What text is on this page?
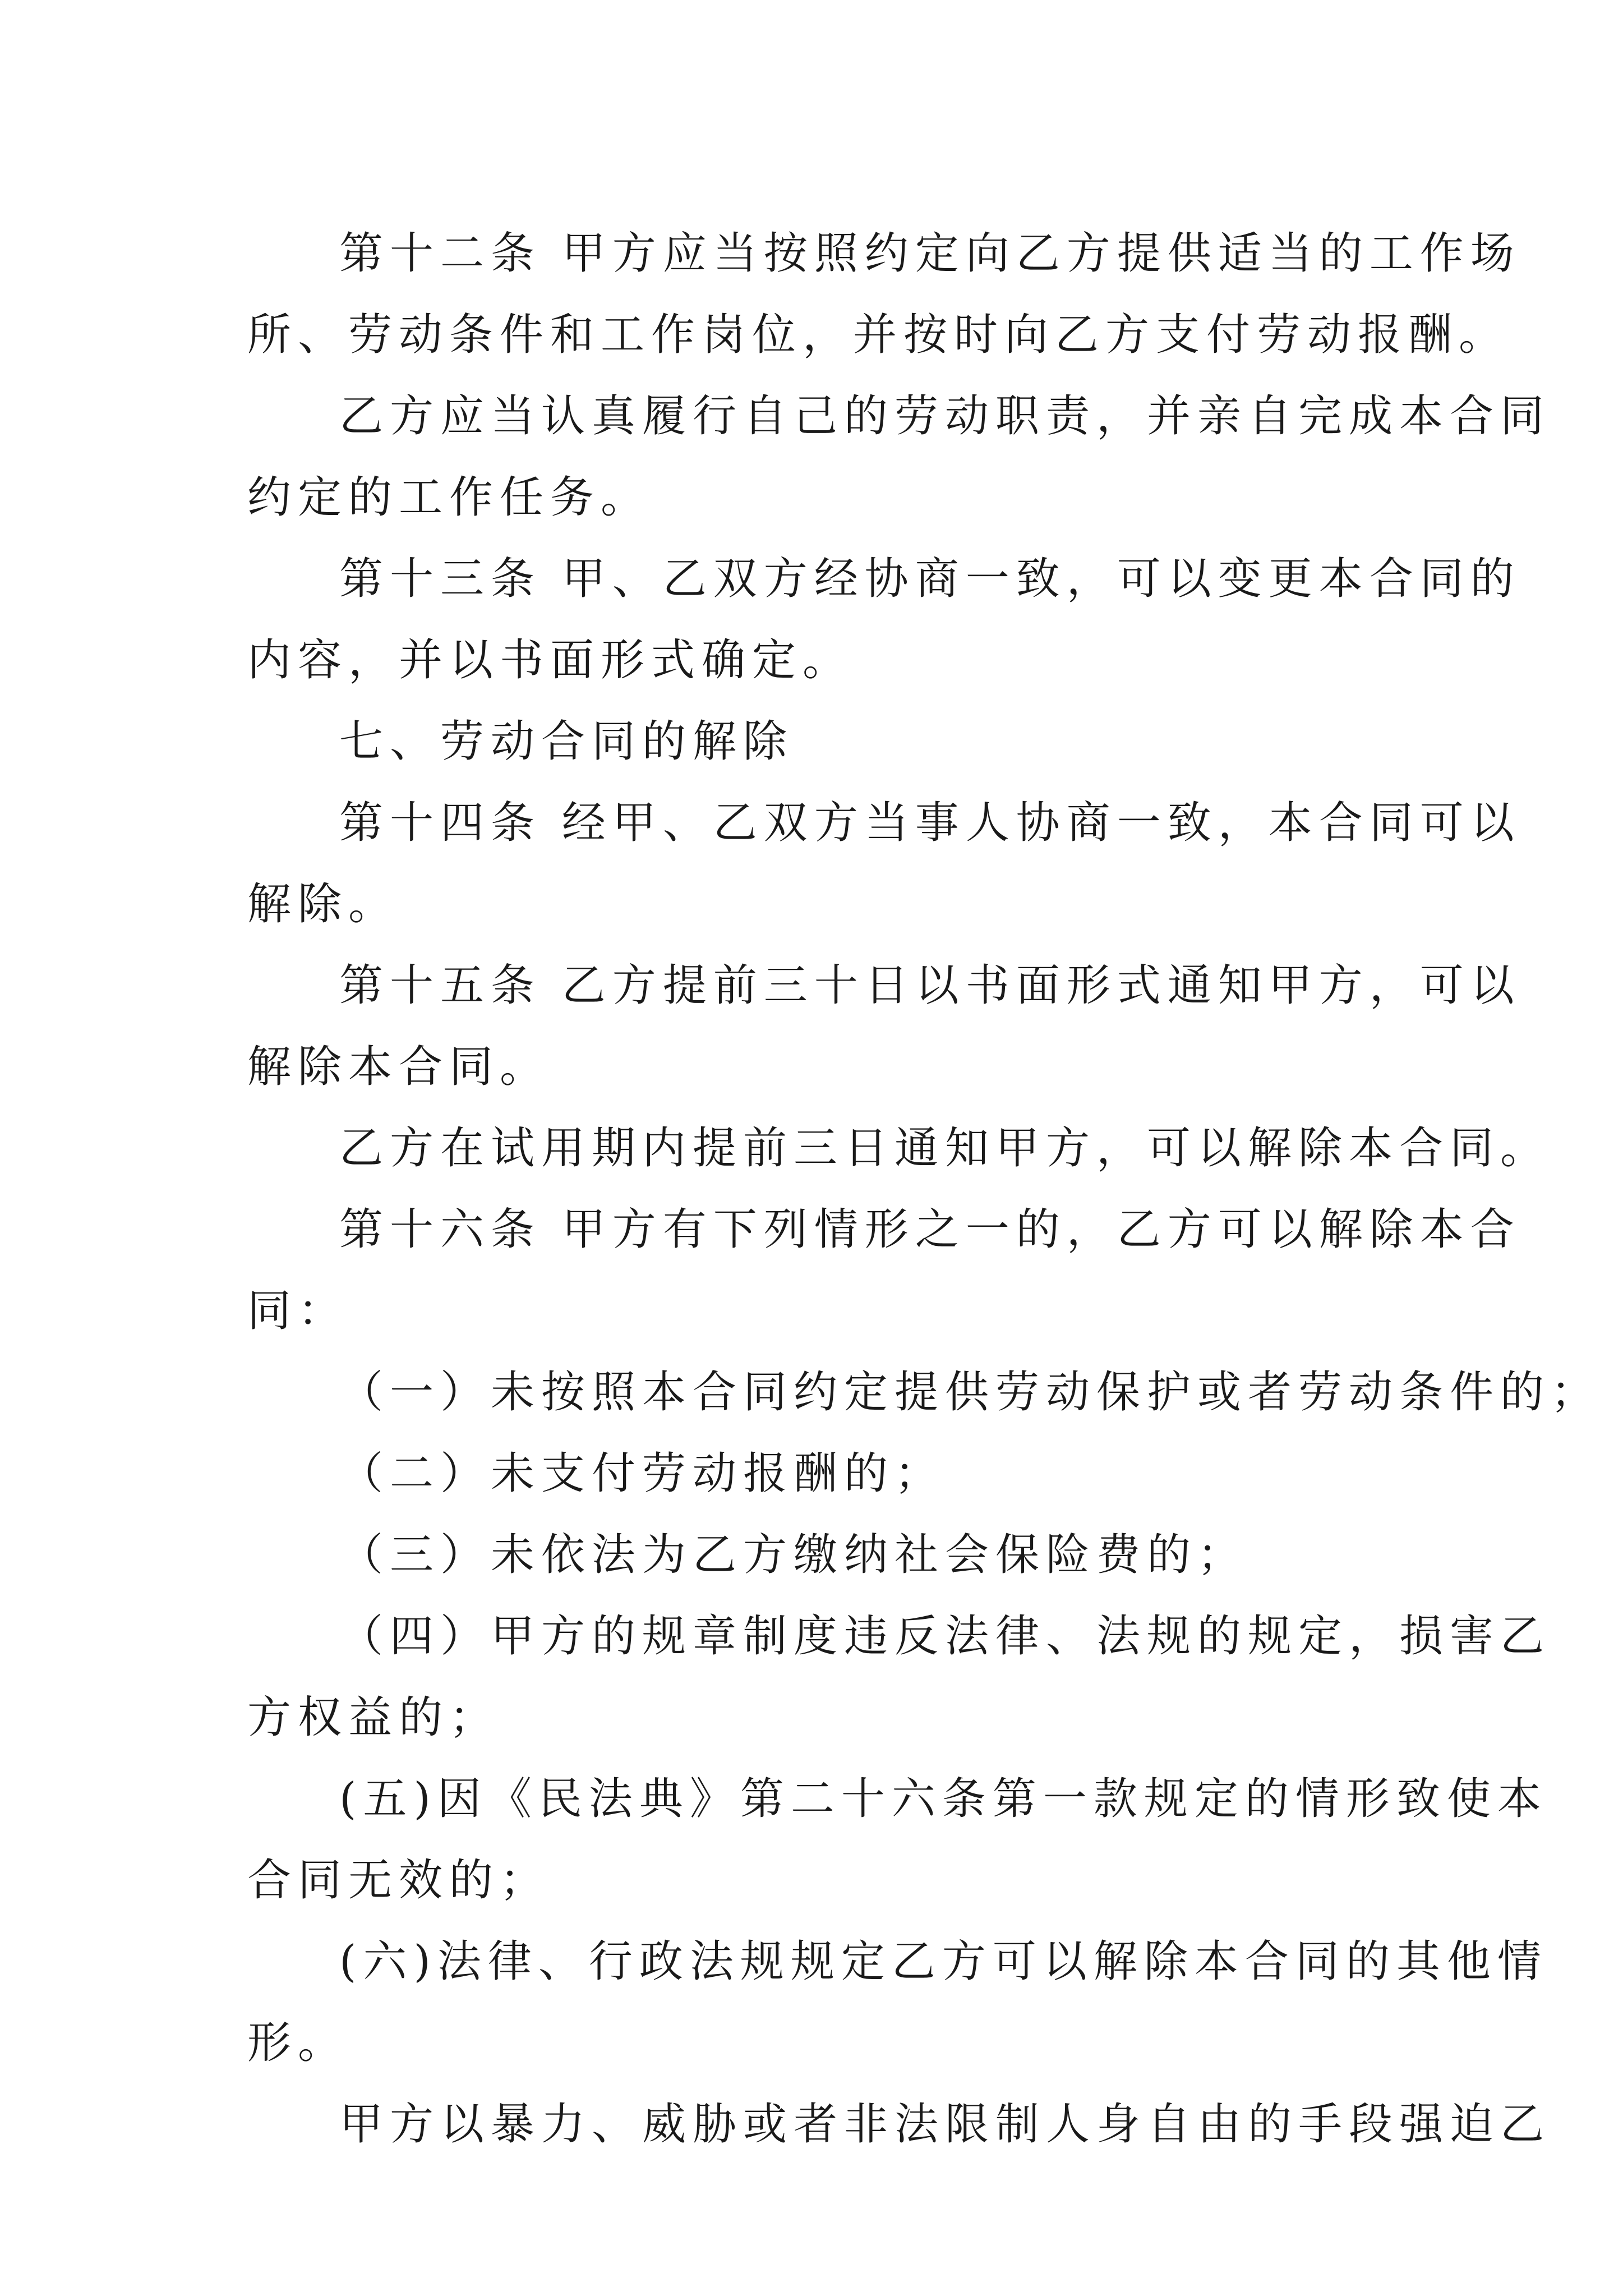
第十二条 甲方应当按照约定向乙方提供适当的工作场
所、劳动条件和工作岗位，并按时向乙方支付劳动报酬。
乙方应当认真履行自己的劳动职责，并亲自完成本合同
约定的工作任务。
第十三条 甲、乙双方经协商一致，可以变更本合同的
内容，并以书面形式确定。
七、劳动合同的解除
第十四条 经甲、乙双方当事人协商一致，本合同可以
解除。
第十五条 乙方提前三十日以书面形式通知甲方，可以
解除本合同。
乙方在试用期内提前三日通知甲方，可以解除本合同。
第十六条 甲方有下列情形之一的，乙方可以解除本合
同：
（一）未按照本合同约定提供劳动保护或者劳动条件的；
（二）未支付劳动报酬的；
（三）未依法为乙方缴纳社会保险费的；
（四）甲方的规章制度违反法律、法规的规定，损害乙
方权益的；
(五)因《民法典》第二十六条第一款规定的情形致使本
合同无效的；
(六)法律、行政法规规定乙方可以解除本合同的其他情
形。
甲方以暴力、威胁或者非法限制人身自由的手段强迫乙
